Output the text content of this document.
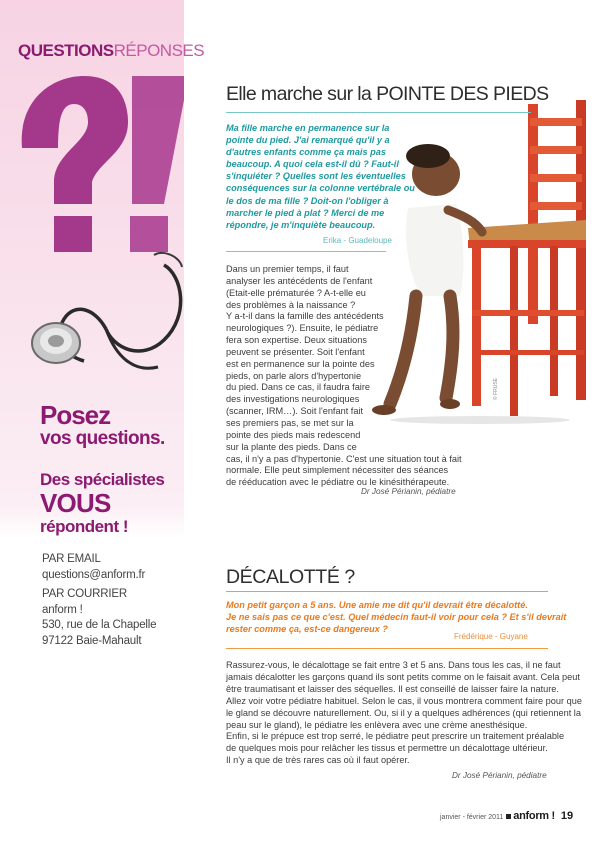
QUESTIONSRÉPONSES
Posez
vos questions.
Des spécialistes
VOUS
répondent !
PAR EMAIL
questions@anform.fr
PAR COURRIER
anform !
530, rue de la Chapelle
97122 Baie-Mahault
© FRUSE
Elle marche sur la POINTE DES PIEDS
Ma fille marche en permanence sur la pointe du pied. J'ai remarqué qu'il y a d'autres enfants comme ça mais pas beaucoup. A quoi cela est-il dû ? Faut-il s'inquiéter ? Quelles sont les éventuelles conséquences sur la colonne vertébrale ou le dos de ma fille ? Doit-on l'obliger à marcher le pied à plat ? Merci de me répondre, je m'inquiète beaucoup.
Erika - Guadeloupe
Dans un premier temps, il faut
analyser les antécédents de l'enfant
(Etait-elle prématurée ? A-t-elle eu
des problèmes à la naissance ?
Y a-t-il dans la famille des antécédents
neurologiques ?). Ensuite, le pédiatre
fera son expertise. Deux situations
peuvent se présenter. Soit l'enfant
est en permanence sur la pointe des
pieds, on parle alors d'hypertonie
du pied. Dans ce cas, il faudra faire
des investigations neurologiques
(scanner, IRM…). Soit l'enfant fait
ses premiers pas, se met sur la
pointe des pieds mais redescend
sur la plante des pieds. Dans ce
cas, il n'y a pas d'hypertonie. C'est une situation tout à fait
normale. Elle peut simplement nécessiter des séances
de rééducation avec le pédiatre ou le kinésithérapeute.
Dr José Périanin, pédiatre
DÉCALOTTÉ ?
Mon petit garçon a 5 ans. Une amie me dit qu'il devrait être décalotté.
Je ne sais pas ce que c'est. Quel médecin faut-il voir pour cela ? Et s'il devrait
rester comme ça, est-ce dangereux ?
Frédérique - Guyane
Rassurez-vous, le décalottage se fait entre 3 et 5 ans. Dans tous les cas, il ne faut
jamais décalotter les garçons quand ils sont petits comme on le faisait avant. Cela peut
être traumatisant et laisser des séquelles. Il est conseillé de laisser faire la nature.
Allez voir votre pédiatre habituel. Selon le cas, il vous montrera comment faire pour que
le gland se découvre naturellement. Ou, si il y a quelques adhérences (qui retiennent la
peau sur le gland), le pédiatre les enlèvera avec une crème anesthésique.
Enfin, si le prépuce est trop serré, le pédiatre peut prescrire un traitement préalable
de quelques mois pour relâcher les tissus et permettre un décalottage ultérieur.
Il n'y a que de très rares cas où il faut opérer.
Dr José Périanin, pédiatre
janvier - février 2011 anform ! 19
